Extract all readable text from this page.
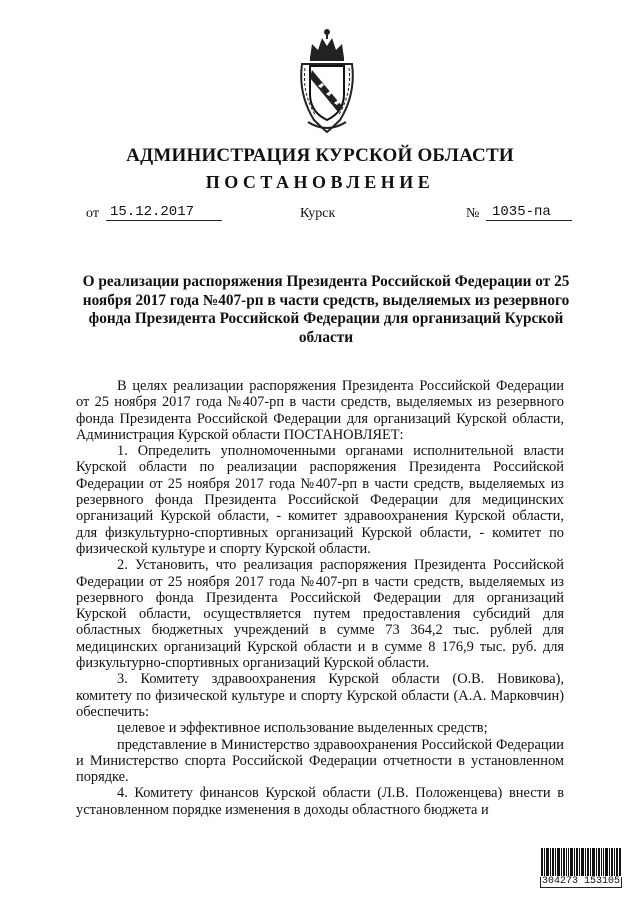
АДМИНИСТРАЦИЯ КУРСКОЙ ОБЛАСТИ
ПОСТАНОВЛЕНИЕ
от 15.12.2017	Курск	№ 1035-па
О реализации распоряжения Президента Российской Федерации от 25 ноября 2017 года №407-рп в части средств, выделяемых из резервного фонда Президента Российской Федерации для организаций Курской области

В целях реализации распоряжения Президента Российской Федерации от 25 ноября 2017 года №407-рп в части средств, выделяемых из резервного фонда Президента Российской Федерации для организаций Курской области, Администрация Курской области ПОСТАНОВЛЯЕТ:

1. Определить уполномоченными органами исполнительной власти Курской области по реализации распоряжения Президента Российской Федерации от 25 ноября 2017 года №407-рп в части средств, выделяемых из резервного фонда Президента Российской Федерации для медицинских организаций Курской области, - комитет здравоохранения Курской области, для физкультурно-спортивных организаций Курской области, - комитет по физической культуре и спорту Курской области.

2. Установить, что реализация распоряжения Президента Российской Федерации от 25 ноября 2017 года №407-рп в части средств, выделяемых из резервного фонда Президента Российской Федерации для организаций Курской области, осуществляется путем предоставления субсидий для областных бюджетных учреждений в сумме 73 364,2 тыс. рублей для медицинских организаций Курской области и в сумме 8 176,9 тыс. руб. для физкультурно-спортивных организаций Курской области.

3. Комитету здравоохранения Курской области (О.В. Новикова), комитету по физической культуре и спорту Курской области (А.А. Марковчин) обеспечить:

целевое и эффективное использование выделенных средств;

представление в Министерство здравоохранения Российской Федерации и Министерство спорта Российской Федерации отчетности в установленном порядке.

4. Комитету финансов Курской области (Л.В. Положенцева) внести в установленном порядке изменения в доходы областного бюджета и

304273 153105
